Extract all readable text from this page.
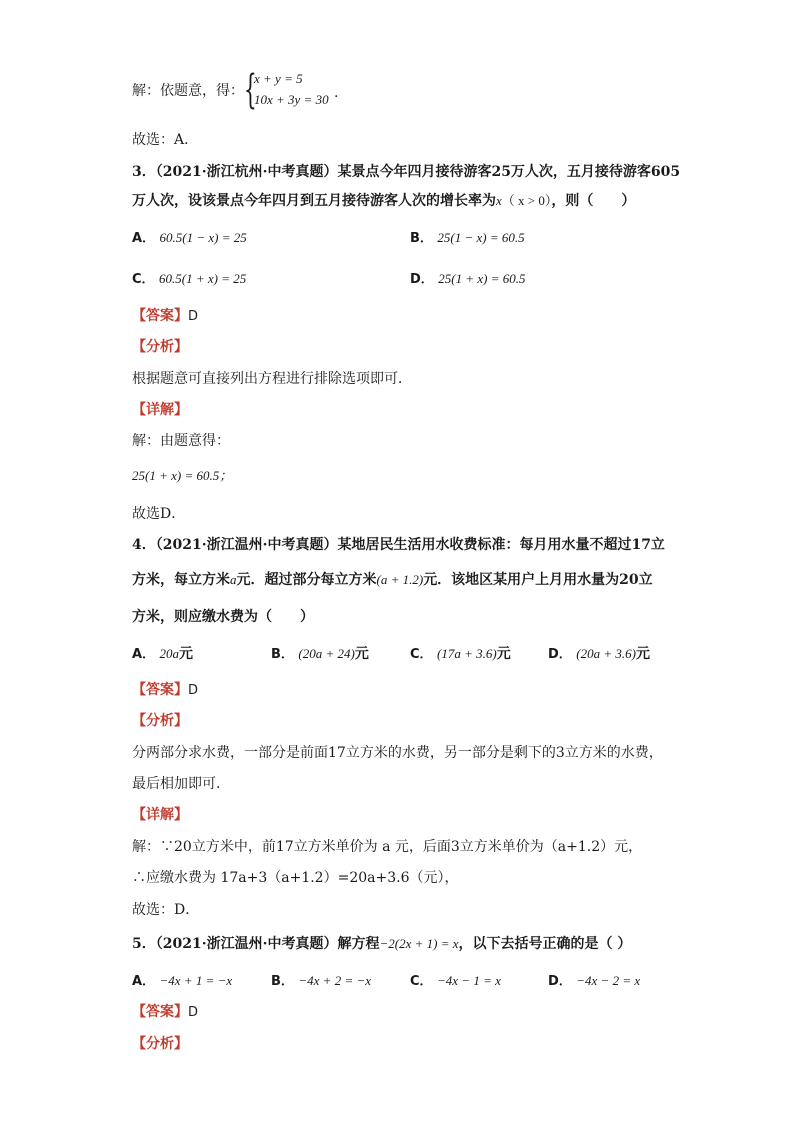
解：依题意，得： {
x + y = 5
10x + 3y = 30 .
故选：A．
3．（2021·浙江杭州·中考真题）某景点今年四月接待游客25万人次，五月接待游客605
万人次，设该景点今年四月到五月接待游客人次的增长率为x（ x > 0），则（　　）
A． 60.5(1 − x) = 25	B． 25(1 − x) = 60.5
C． 60.5(1 + x) = 25	D． 25(1 + x) = 60.5
【答案】D
【分析】
根据题意可直接列出方程进行排除选项即可．
【详解】
解：由题意得：
25(1 + x) = 60.5；
故选D．
4．（2021·浙江温州·中考真题）某地居民生活用水收费标准：每月用水量不超过17立
方米，每立方米a元．超过部分每立方米(a + 1.2)元．该地区某用户上月用水量为20立
方米，则应缴水费为（　　）
A． 20a元	B． (20a + 24)元	C． (17a + 3.6)元	D． (20a + 3.6)元
【答案】D
【分析】
分两部分求水费，一部分是前面17立方米的水费，另一部分是剩下的3立方米的水费，
最后相加即可．
【详解】
解：∵20立方米中，前17立方米单价为 a 元，后面3立方米单价为（a+1.2）元，
∴应缴水费为 17a+3（a+1.2）=20a+3.6（元），
故选：D．
5．（2021·浙江温州·中考真题）解方程−2(2x + 1) = x，以下去括号正确的是（ ）
A． −4x + 1 = −x	B． −4x + 2 = −x	C． −4x − 1 = x	D． −4x − 2 = x
【答案】D
【分析】
